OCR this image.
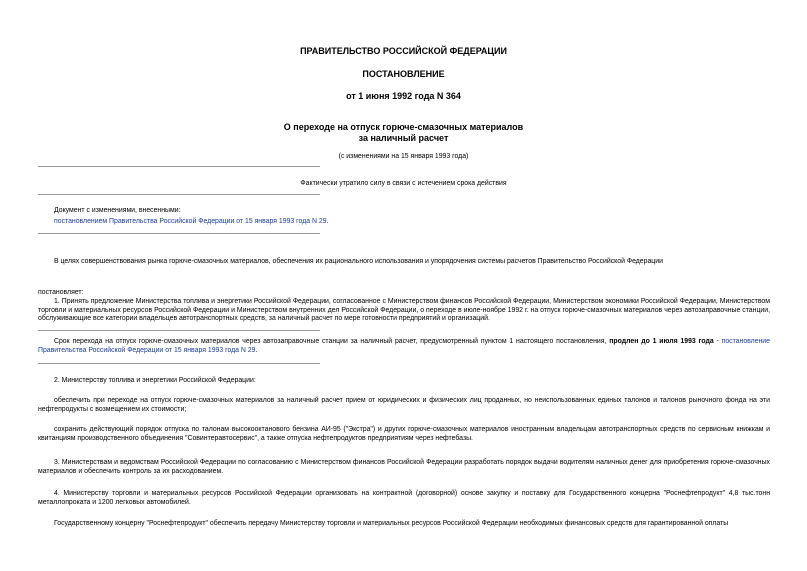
ПРАВИТЕЛЬСТВО РОССИЙСКОЙ ФЕДЕРАЦИИ
ПОСТАНОВЛЕНИЕ
от 1 июня 1992 года N 364
О переходе на отпуск горюче-смазочных материалов
за наличный расчет
(с изменениями на 15 января 1993 года)
Фактически утратило силу в связи с истечением срока действия
Документ с изменениями, внесенными:
постановлением Правительства Российской Федерации от 15 января 1993 года N 29.
В целях совершенствования рынка горюче-смазочных материалов, обеспечения их рационального использования и упорядочения системы расчетов Правительство Российской Федерации
постановляет:
1. Принять предложение Министерства топлива и энергетики Российской Федерации, согласованное с Министерством финансов Российской Федерации, Министерством экономики Российской Федерации, Министерством торговли и материальных ресурсов Российской Федерации и Министерством внутренних дел Российской Федерации, о переходе в июле-ноябре 1992 г. на отпуск горюче-смазочных материалов через автозаправочные станции, обслуживающие все категории владельцев автотранспортных средств, за наличный расчет по мере готовности предприятий и организаций.
Срок перехода на отпуск горюче-смазочных материалов через автозаправочные станции за наличный расчет, предусмотренный пунктом 1 настоящего постановления, продлен до 1 июля 1993 года - постановление Правительства Российской Федерации от 15 января 1993 года N 29.
2. Министерству топлива и энергетики Российской Федерации:
обеспечить при переходе на отпуск горюче-смазочных материалов за наличный расчет прием от юридических и физических лиц проданных, но неиспользованных единых талонов и талонов рыночного фонда на эти нефтепродукты с возмещением их стоимости;
сохранить действующий порядок отпуска по талонам высокооктанового бензина АИ-95 ("Экстра") и других горюче-смазочных материалов иностранным владельцам автотранспортных средств по сервисным книжкам и квитанциям производственного объединения "Совинтеравтосервис", а также отпуска нефтепродуктов предприятиям через нефтебазы.
3. Министерствам и ведомствам Российской Федерации по согласованию с Министерством финансов Российской Федерации разработать порядок выдачи водителям наличных денег для приобретения горюче-смазочных материалов и обеспечить контроль за их расходованием.
4. Министерству торговли и материальных ресурсов Российской Федерации организовать на контрактной (договорной) основе закупку и поставку для Государственного концерна "Роснефтепродукт" 4,8 тыс.тонн металлопроката и 1200 легковых автомобилей.
Государственному концерну "Роснефтепродукт" обеспечить передачу Министерству торговли и материальных ресурсов Российской Федерации необходимых финансовых средств для гарантированной оплаты
